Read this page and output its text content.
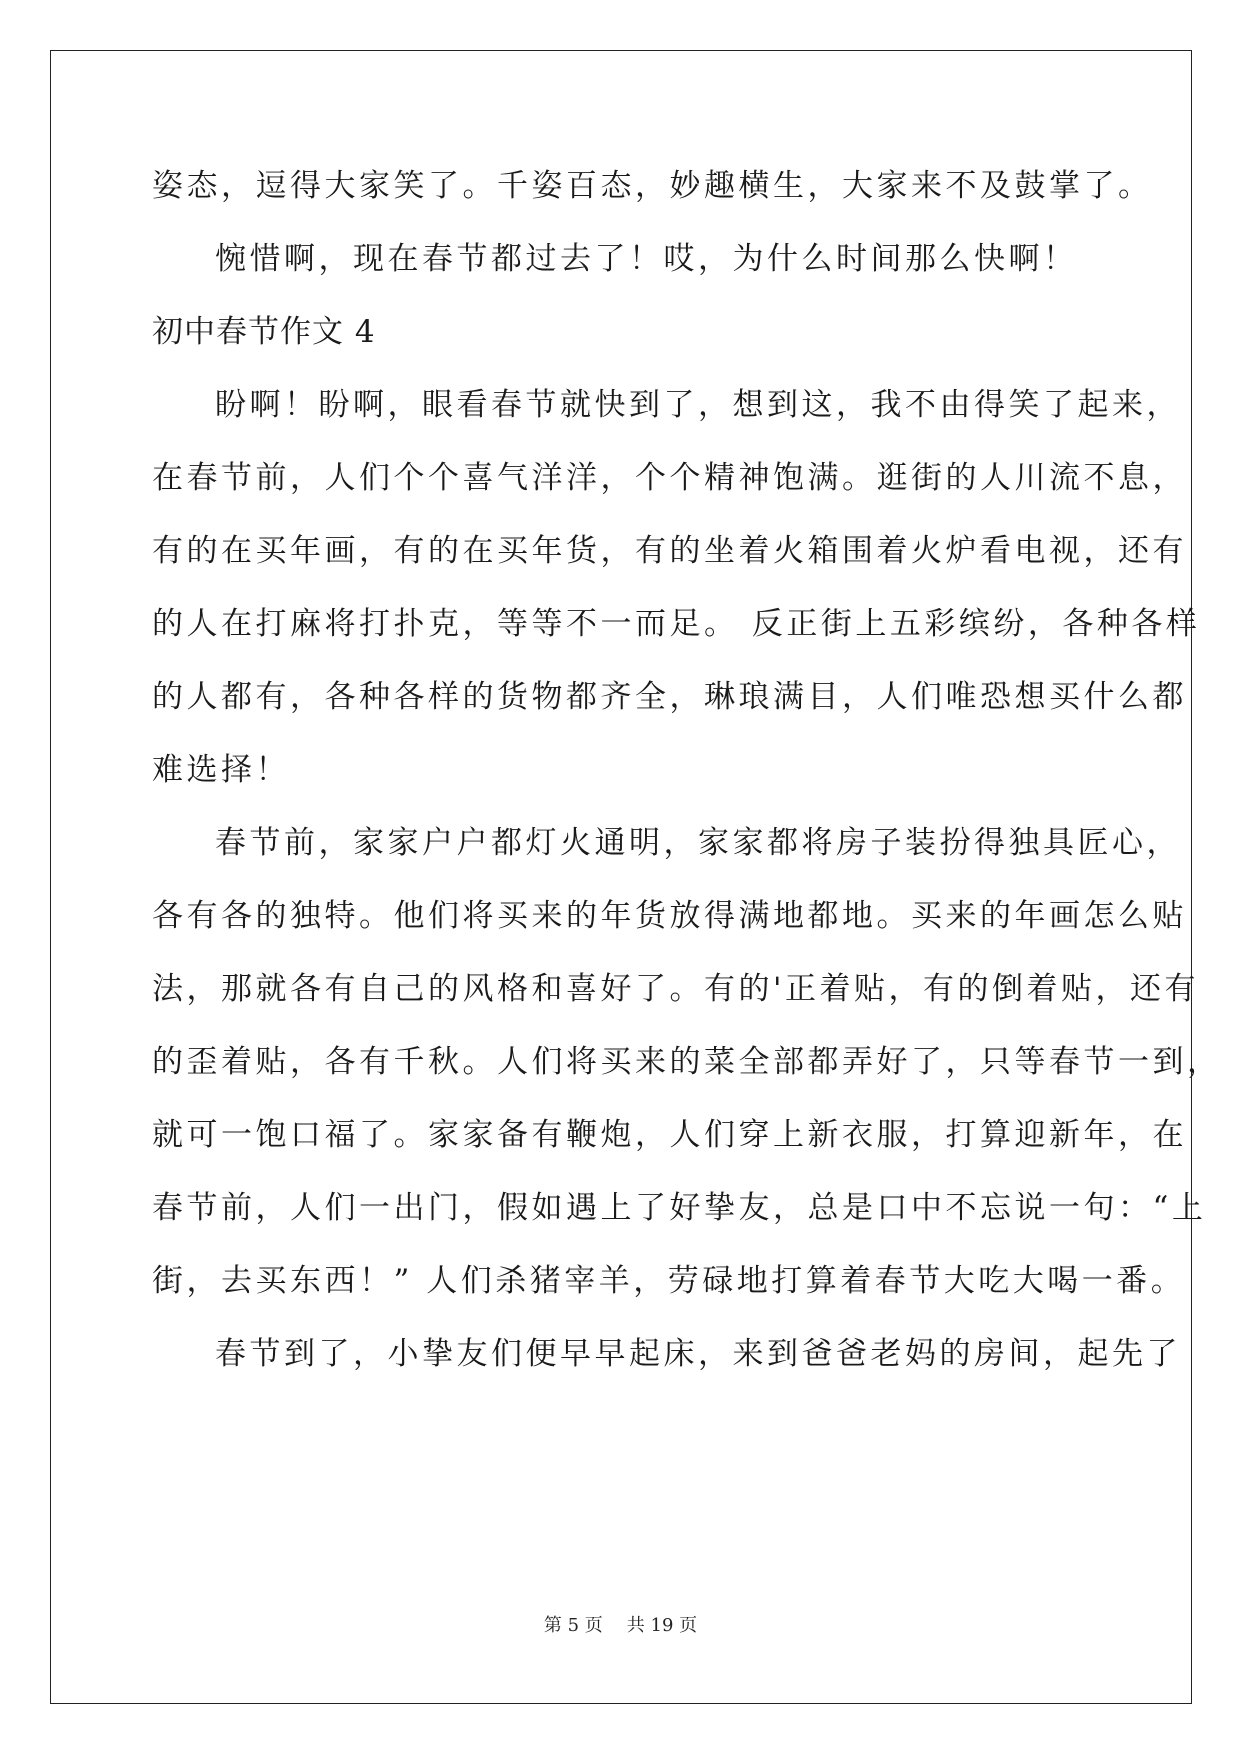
姿态，逗得大家笑了。千姿百态，妙趣横生，大家来不及鼓掌了。
惋惜啊，现在春节都过去了！哎，为什么时间那么快啊！
初中春节作文 4
盼啊！盼啊，眼看春节就快到了，想到这，我不由得笑了起来，
在春节前，人们个个喜气洋洋，个个精神饱满。逛街的人川流不息，
有的在买年画，有的在买年货，有的坐着火箱围着火炉看电视，还有
的人在打麻将打扑克，等等不一而足。 反正街上五彩缤纷，各种各样
的人都有，各种各样的货物都齐全，琳琅满目，人们唯恐想买什么都
难选择！
春节前，家家户户都灯火通明，家家都将房子装扮得独具匠心，
各有各的独特。他们将买来的年货放得满地都地。买来的年画怎么贴
法，那就各有自己的风格和喜好了。有的'正着贴，有的倒着贴，还有
的歪着贴，各有千秋。人们将买来的菜全部都弄好了，只等春节一到，
就可一饱口福了。家家备有鞭炮，人们穿上新衣服，打算迎新年，在
春节前，人们一出门，假如遇上了好挚友，总是口中不忘说一句：“上
街，去买东西！” 人们杀猪宰羊，劳碌地打算着春节大吃大喝一番。
春节到了，小挚友们便早早起床，来到爸爸老妈的房间，起先了
第 5 页 共 19 页
